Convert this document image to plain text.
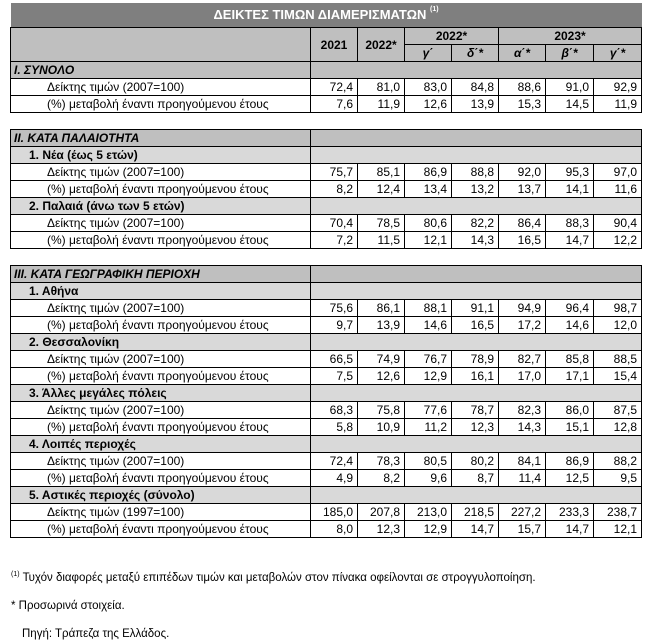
ΔΕΙΚΤΕΣ ΤΙΜΩΝ ΔΙΑΜΕΡΙΣΜΑΤΩΝ $^{(1)}$
	2021	2022*	2022*		2023*		
			γ΄	δ΄*	α΄*	β΄*	γ΄*
Ι. ΣΥΝΟΛΟ							
Δείκτης τιμών (2007=100)	72,4	81,0	83,0	84,8	88,6	91,0	92,9
(%) μεταβολή έναντι προηγούμενου έτους	7,6	11,9	12,6	13,9	15,3	14,5	11,9

ΙΙ. ΚΑΤΑ ΠΑΛΑΙΟΤΗΤΑ							
1. Νέα (έως 5 ετών)							
Δείκτης τιμών (2007=100)	75,7	85,1	86,9	88,8	92,0	95,3	97,0
(%) μεταβολή έναντι προηγούμενου έτους	8,2	12,4	13,4	13,2	13,7	14,1	11,6
2. Παλαιά (άνω των 5 ετών)							
Δείκτης τιμών (2007=100)	70,4	78,5	80,6	82,2	86,4	88,3	90,4
(%) μεταβολή έναντι προηγούμενου έτους	7,2	11,5	12,1	14,3	16,5	14,7	12,2

ΙΙΙ. ΚΑΤΑ ΓΕΩΓΡΑΦΙΚΗ ΠΕΡΙΟΧΗ							
1. Αθήνα							
Δείκτης τιμών (2007=100)	75,6	86,1	88,1	91,1	94,9	96,4	98,7
(%) μεταβολή έναντι προηγούμενου έτους	9,7	13,9	14,6	16,5	17,2	14,6	12,0
2. Θεσσαλονίκη							
Δείκτης τιμών (2007=100)	66,5	74,9	76,7	78,9	82,7	85,8	88,5
(%) μεταβολή έναντι προηγούμενου έτους	7,5	12,6	12,9	16,1	17,0	17,1	15,4
3. Άλλες μεγάλες πόλεις							
Δείκτης τιμών (2007=100)	68,3	75,8	77,6	78,7	82,3	86,0	87,5
(%) μεταβολή έναντι προηγούμενου έτους	5,8	10,9	11,2	12,3	14,3	15,1	12,8
4. Λοιπές περιοχές							
Δείκτης τιμών (2007=100)	72,4	78,3	80,5	80,2	84,1	86,9	88,2
(%) μεταβολή έναντι προηγούμενου έτους	4,9	8,2	9,6	8,7	11,4	12,5	9,5
5. Αστικές περιοχές (σύνολο)							
Δείκτης τιμών (1997=100)	185,0	207,8	213,0	218,5	227,2	233,3	238,7
(%) μεταβολή έναντι προηγούμενου έτους	8,0	12,3	12,9	14,7	15,7	14,7	12,1
$^{(1)}$ Τυχόν διαφορές μεταξύ επιπέδων τιμών και μεταβολών στον πίνακα οφείλονται σε στρογγυλοποίηση.
* Προσωρινά στοιχεία.
Πηγή: Τράπεζα της Ελλάδος.
